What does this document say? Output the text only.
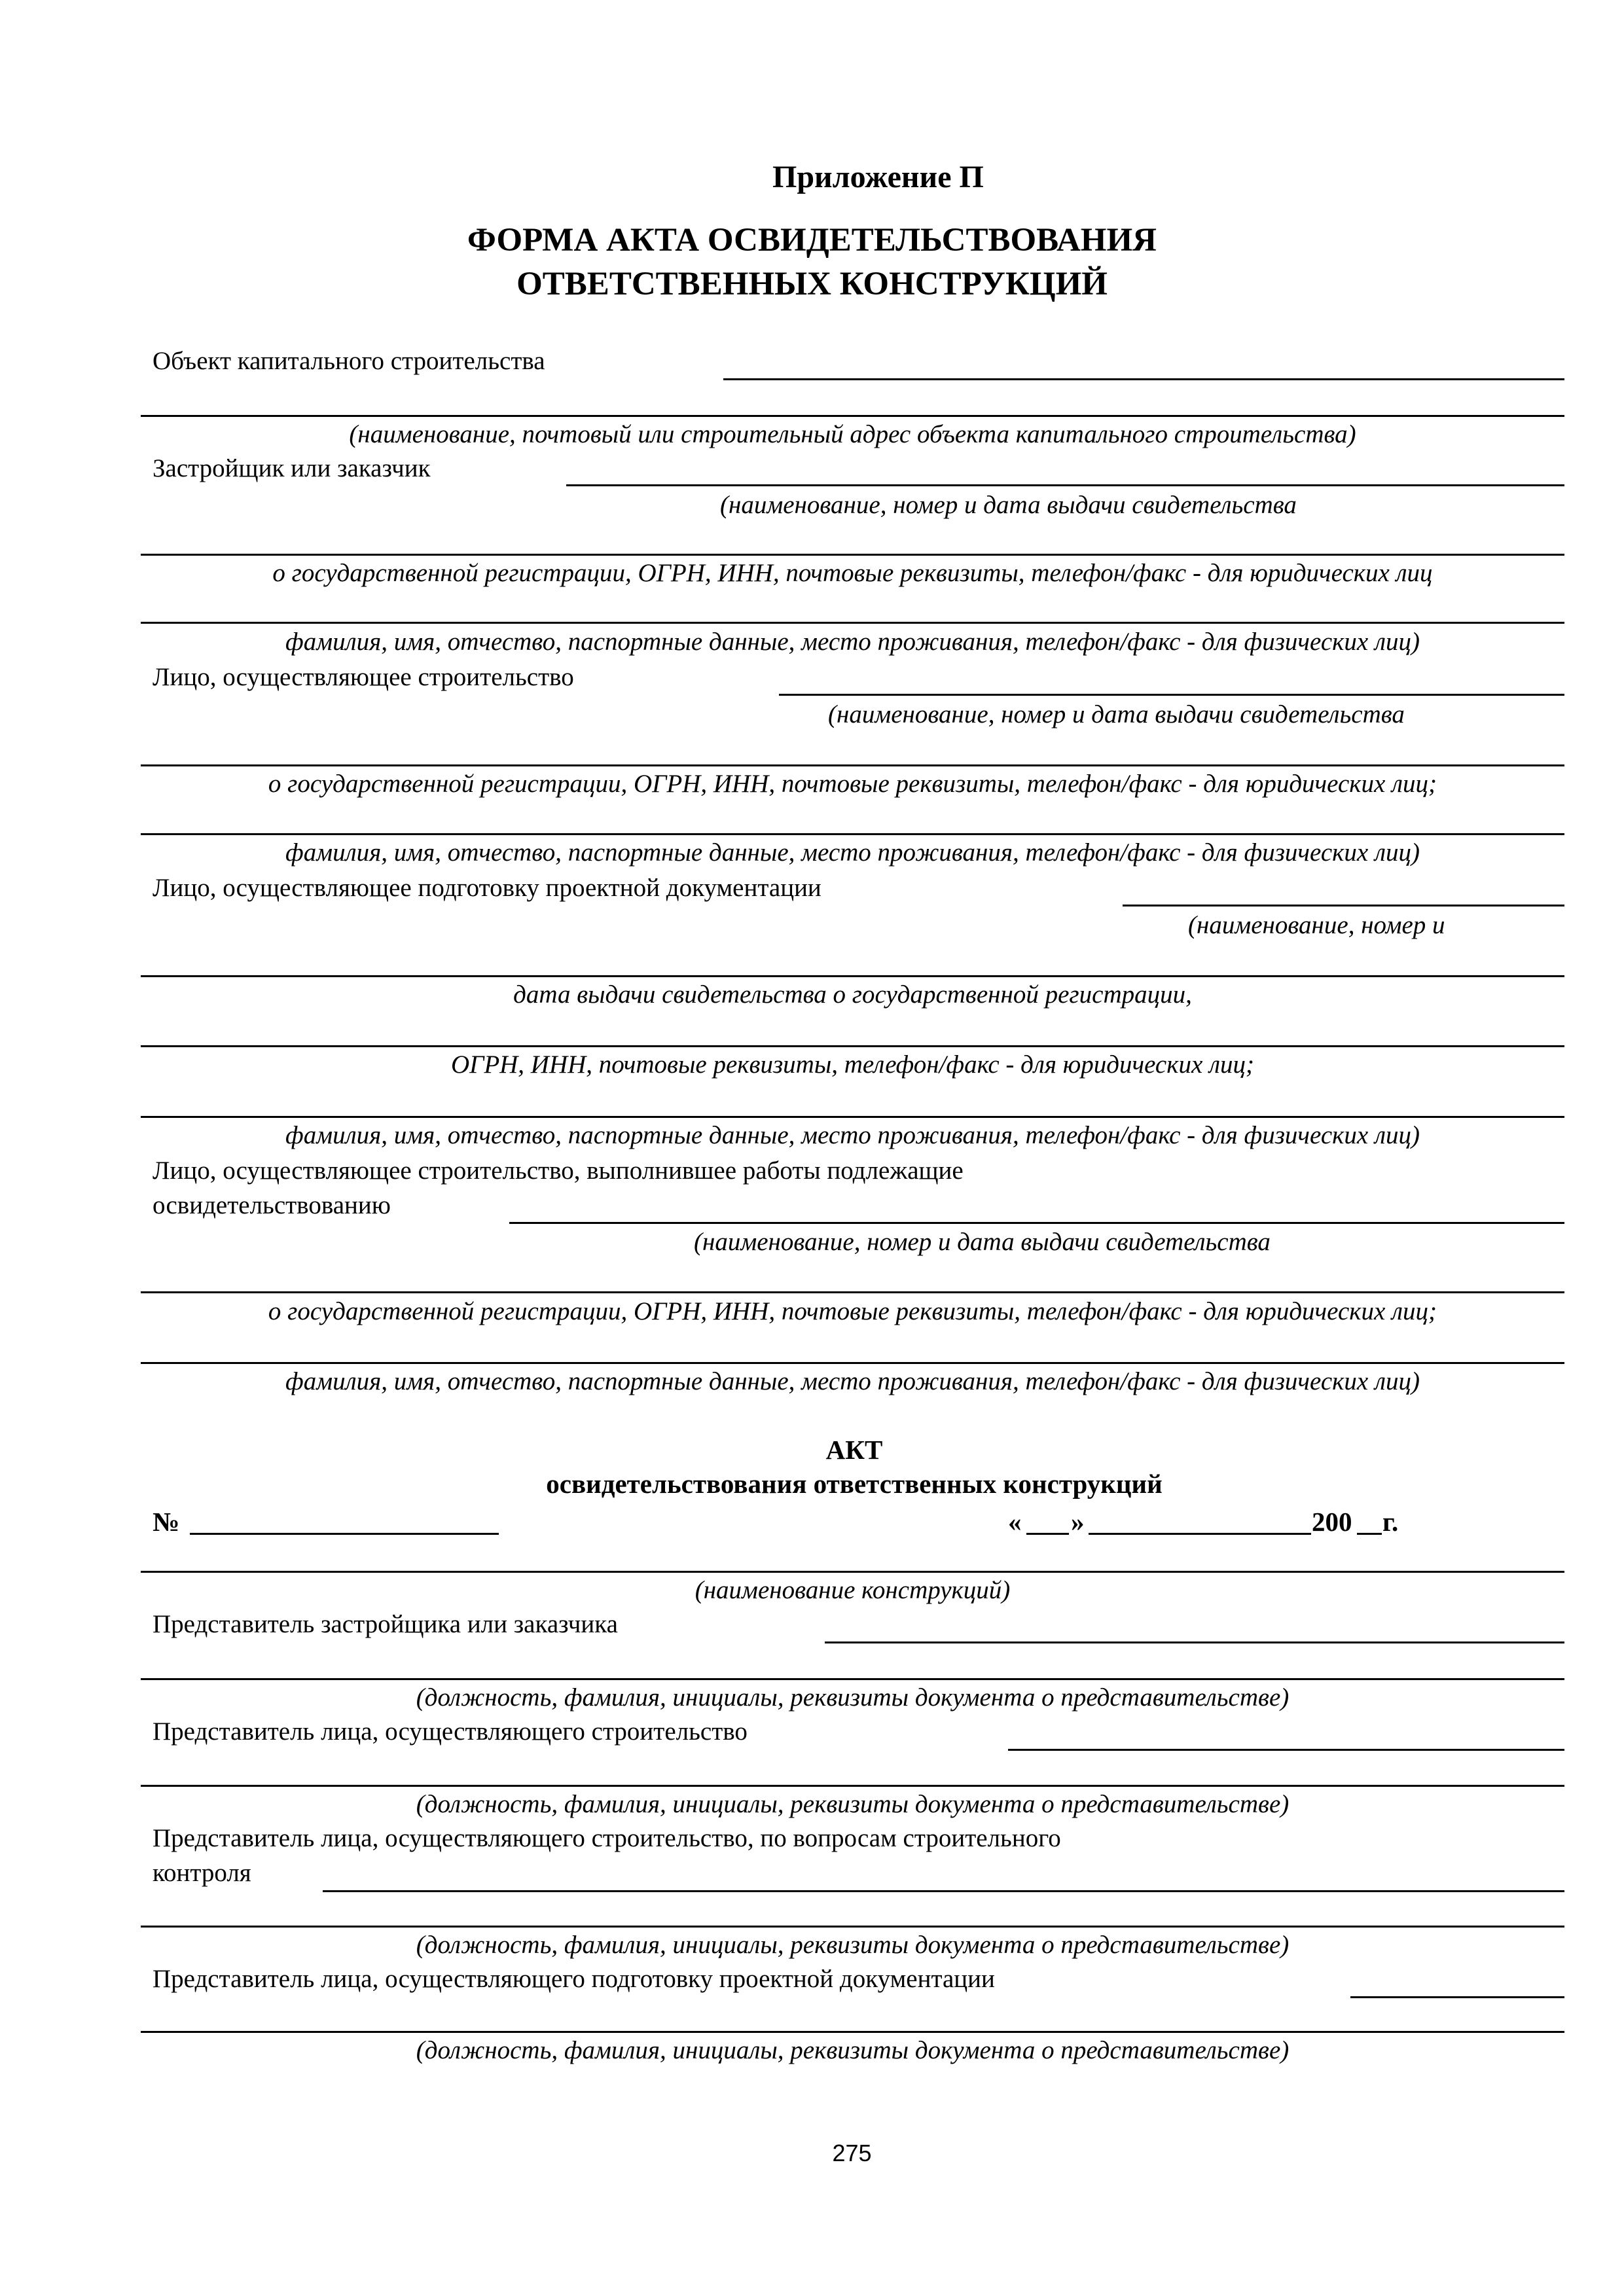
Приложение П
ФОРМА АКТА ОСВИДЕТЕЛЬСТВОВАНИЯ
ОТВЕТСТВЕННЫХ КОНСТРУКЦИЙ
Объект капитального строительства
(наименование, почтовый или строительный адрес объекта капитального строительства)
Застройщик или заказчик
(наименование, номер и дата выдачи свидетельства
о государственной регистрации, ОГРН, ИНН, почтовые реквизиты, телефон/факс - для юридических лиц
фамилия, имя, отчество, паспортные данные, место проживания, телефон/факс - для физических лиц)
Лицо, осуществляющее строительство
(наименование, номер и дата выдачи свидетельства
о государственной регистрации, ОГРН, ИНН, почтовые реквизиты, телефон/факс - для юридических лиц;
фамилия, имя, отчество, паспортные данные, место проживания, телефон/факс - для физических лиц)
Лицо, осуществляющее подготовку проектной документации
(наименование, номер и
дата выдачи свидетельства о государственной регистрации,
ОГРН, ИНН, почтовые реквизиты, телефон/факс - для юридических лиц;
фамилия, имя, отчество, паспортные данные, место проживания, телефон/факс - для физических лиц)
Лицо, осуществляющее строительство, выполнившее работы подлежащие
освидетельствованию
(наименование, номер и дата выдачи свидетельства
о государственной регистрации, ОГРН, ИНН, почтовые реквизиты, телефон/факс - для юридических лиц;
фамилия, имя, отчество, паспортные данные, место проживания, телефон/факс - для физических лиц)
АКТ
освидетельствования ответственных конструкций
№	« »	200 г.
(наименование конструкций)
Представитель застройщика или заказчика
(должность, фамилия, инициалы, реквизиты документа о представительстве)
Представитель лица, осуществляющего строительство
(должность, фамилия, инициалы, реквизиты документа о представительстве)
Представитель лица, осуществляющего строительство, по вопросам строительного
контроля
(должность, фамилия, инициалы, реквизиты документа о представительстве)
Представитель лица, осуществляющего подготовку проектной документации
(должность, фамилия, инициалы, реквизиты документа о представительстве)
275
